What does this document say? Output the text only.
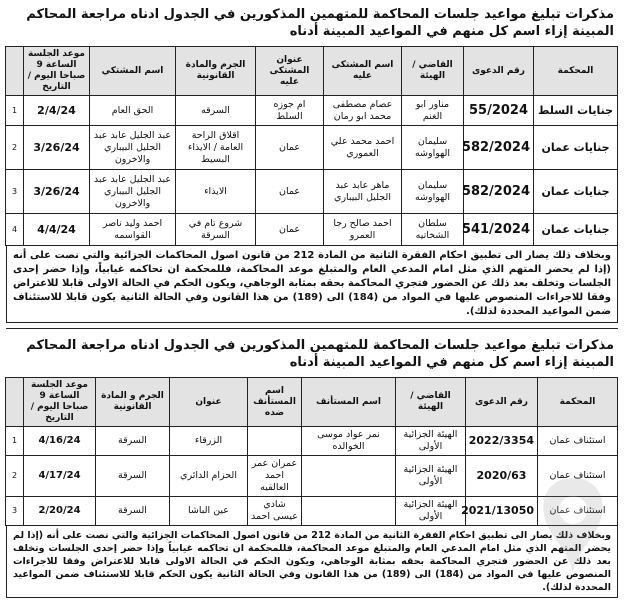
مذكرات تبليغ مواعيد جلسات المحاكمة للمتهمين المذكورين في الجدول ادناه مراجعة المحاكم المبينة إزاء اسم كل منهم في المواعيد المبينة أدناه
المحكمة	رقم الدعوى	القاضي / الهيئة	اسم المشتكى عليه	عنوان المشتكى عليه	الجرم والمادة القانونية	اسم المشتكي	موعد الجلسة الساعة 9 صباحا اليوم / التاريخ	
جنايات السلط	55/2024	مناور ابو الغنم	عصام مصطفى محمد ابو رمان	ام جوزه السلط	السرقه	الحق العام	2/4/24	1
جنايات عمان	582/2024	سليمان الهواوشه	احمد محمد علي العموري	عمان	اقلاق الراحة العامة / الايذاء البسيط	عبد الجليل عابد عبد الجليل البيباري والاخرون	3/26/24	2
جنايات عمان	582/2024	سليمان الهواوشه	ماهر عابد عبد الجليل البيباري	عمان	الايذاء	عبد الجليل عابد عبد الجليل البيباري والاخرون	3/26/24	3
جنايات عمان	541/2024	سلطان الشخاتيه	احمد صالح رجا العمرو	عمان	شروع تام في السرقة	احمد وليد ناصر القواسمه	4/4/24	4
وبخلاف ذلك يصار الى تطبيق احكام الفقرة الثانية من المادة 212 من قانون اصول المحاكمات الجزائية والتي نصت على أنه (إذا لم يحضر المتهم الذي مثل امام المدعي العام والمتبلغ موعد المحاكمة، فللمحكمة ان تحاكمه غيابياً، وإذا حضر إحدى الجلسات وتخلف بعد ذلك عن الحضور فتجري المحاكمة بحقه بمثابة الوجاهي، ويكون الحكم في الحالة الاولى قابلا للاعتراض وفقا للاجراءات المنصوص عليها في المواد من (184) الى (189) من هذا القانون وفي الحالة الثانية يكون قابلا للاستئناف ضمن المواعيد المحددة لذلك).
مذكرات تبليغ مواعيد جلسات المحاكمة للمتهمين المذكورين في الجدول ادناه مراجعة المحاكم المبينة إزاء اسم كل منهم في المواعيد المبينة أدناه
المحكمة	رقم الدعوى	القاضي / الهيئة	اسم المستأنف	اسم المستأنف ضده	عنوان	الجرم و المادة القانونية	موعد الجلسة الساعة 9 صباحا اليوم / التاريخ	
استئناف عمان	2022/3354	الهيئة الجزائية الأولى	نمر عواد موسى الخوالده		الزرقاء	السرقة	4/16/24	1
استئناف عمان	2020/63	الهيئة الجزائية الأولى		عمران عمر احمد العالقيه	الحزام الدائري	السرقة	4/17/24	2
استئناف عمان	2021/13050	الهيئة الجزائية الأولى		شادي عيسى احمد	عين الباشا	السرقة	2/20/24	3
وبخلاف ذلك يصار الى تطبيق احكام الفقرة الثانية من المادة 212 من قانون اصول المحاكمات الجزائية والتي نصت على أنه (إذا لم يحضر المتهم الذي مثل امام المدعي العام والمتبلغ موعد المحاكمة، فللمحكمة ان تحاكمه غيابياً وإذا حضر إحدى الجلسات وتخلف بعد ذلك عن الحضور فتجري المحاكمة بحقه بمثابة الوجاهي، ويكون الحكم في الحالة الاولى قابلا للاعتراض وفقا للاجراءات المنصوص عليها في المواد من (184) الى (189) من هذا القانون وفي الحالة الثانية يكون الحكم قابلا للاستئناف ضمن المواعيد المحددة لذلك).
